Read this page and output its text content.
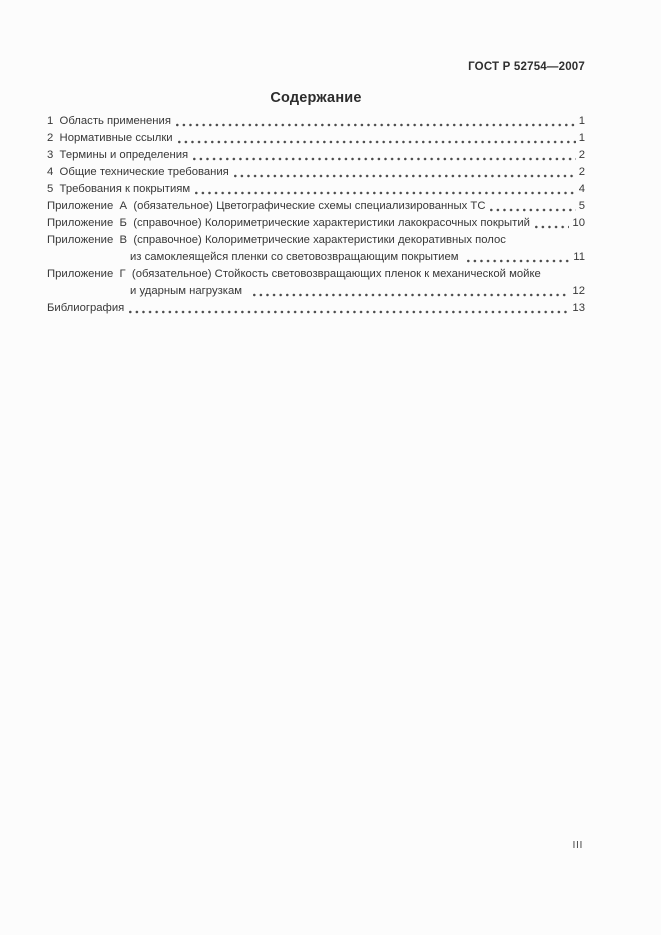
ГОСТ Р 52754—2007
Содержание
1  Область применения	1
2  Нормативные ссылки	1
3  Термины и определения	2
4  Общие технические требования	2
5  Требования к покрытиям	4
Приложение  А  (обязательное) Цветографические схемы специализированных ТС	5
Приложение  Б  (справочное) Колориметрические характеристики лакокрасочных покрытий	10
Приложение  В  (справочное) Колориметрические характеристики декоративных полос
из самоклеящейся пленки со световозвращающим покрытием	11
Приложение  Г  (обязательное) Стойкость световозвращающих пленок к механической мойке
и ударным нагрузкам	12
Библиография	13
III
